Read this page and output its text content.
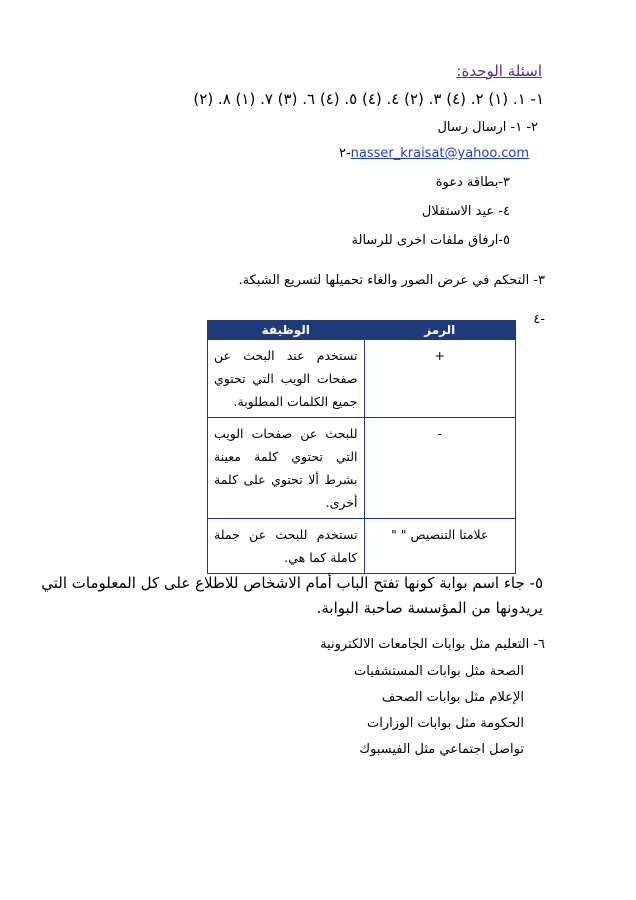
اسئلة الوحدة:
١- ١. (١) ٢. (٤) ٣. (٢) ٤. (٤) ٥. (٤) ٦. (٣) ٧. (١) ٨. (٢)
٢- ١- ارسال رسال
٢-nasser_kraisat@yahoo.com
٣-بطاقة دعوة
٤- عيد الاستقلال
٥-ارفاق ملفات اخرى للرسالة
٣- التحكم في عرض الصور والغاء تحميلها لتسريع الشبكة.
٤-
الرمز	الوظيفة
+	تستخدم عند البحث عن صفحات الويب التي تحتوي جميع الكلمات المطلوبة.
-	للبحث عن صفحات الويب التي تحتوي كلمة معينة بشرط ألا تحتوي على كلمة أخرى.
علامتا التنصيص " "	تستخدم للبحث عن جملة كاملة كما هي.
٥- جاء اسم بوابة كونها تفتح الباب أمام الاشخاص للاطلاع على كل المعلومات التي
يريدونها من المؤسسة صاحبة البوابة.
٦- التعليم مثل بوابات الجامعات الالكترونية
الصحة مثل بوابات المستشفيات
الإعلام مثل بوابات الصحف
الحكومة مثل بوابات الوزارات
تواصل اجتماعي مثل الفيسبوك
